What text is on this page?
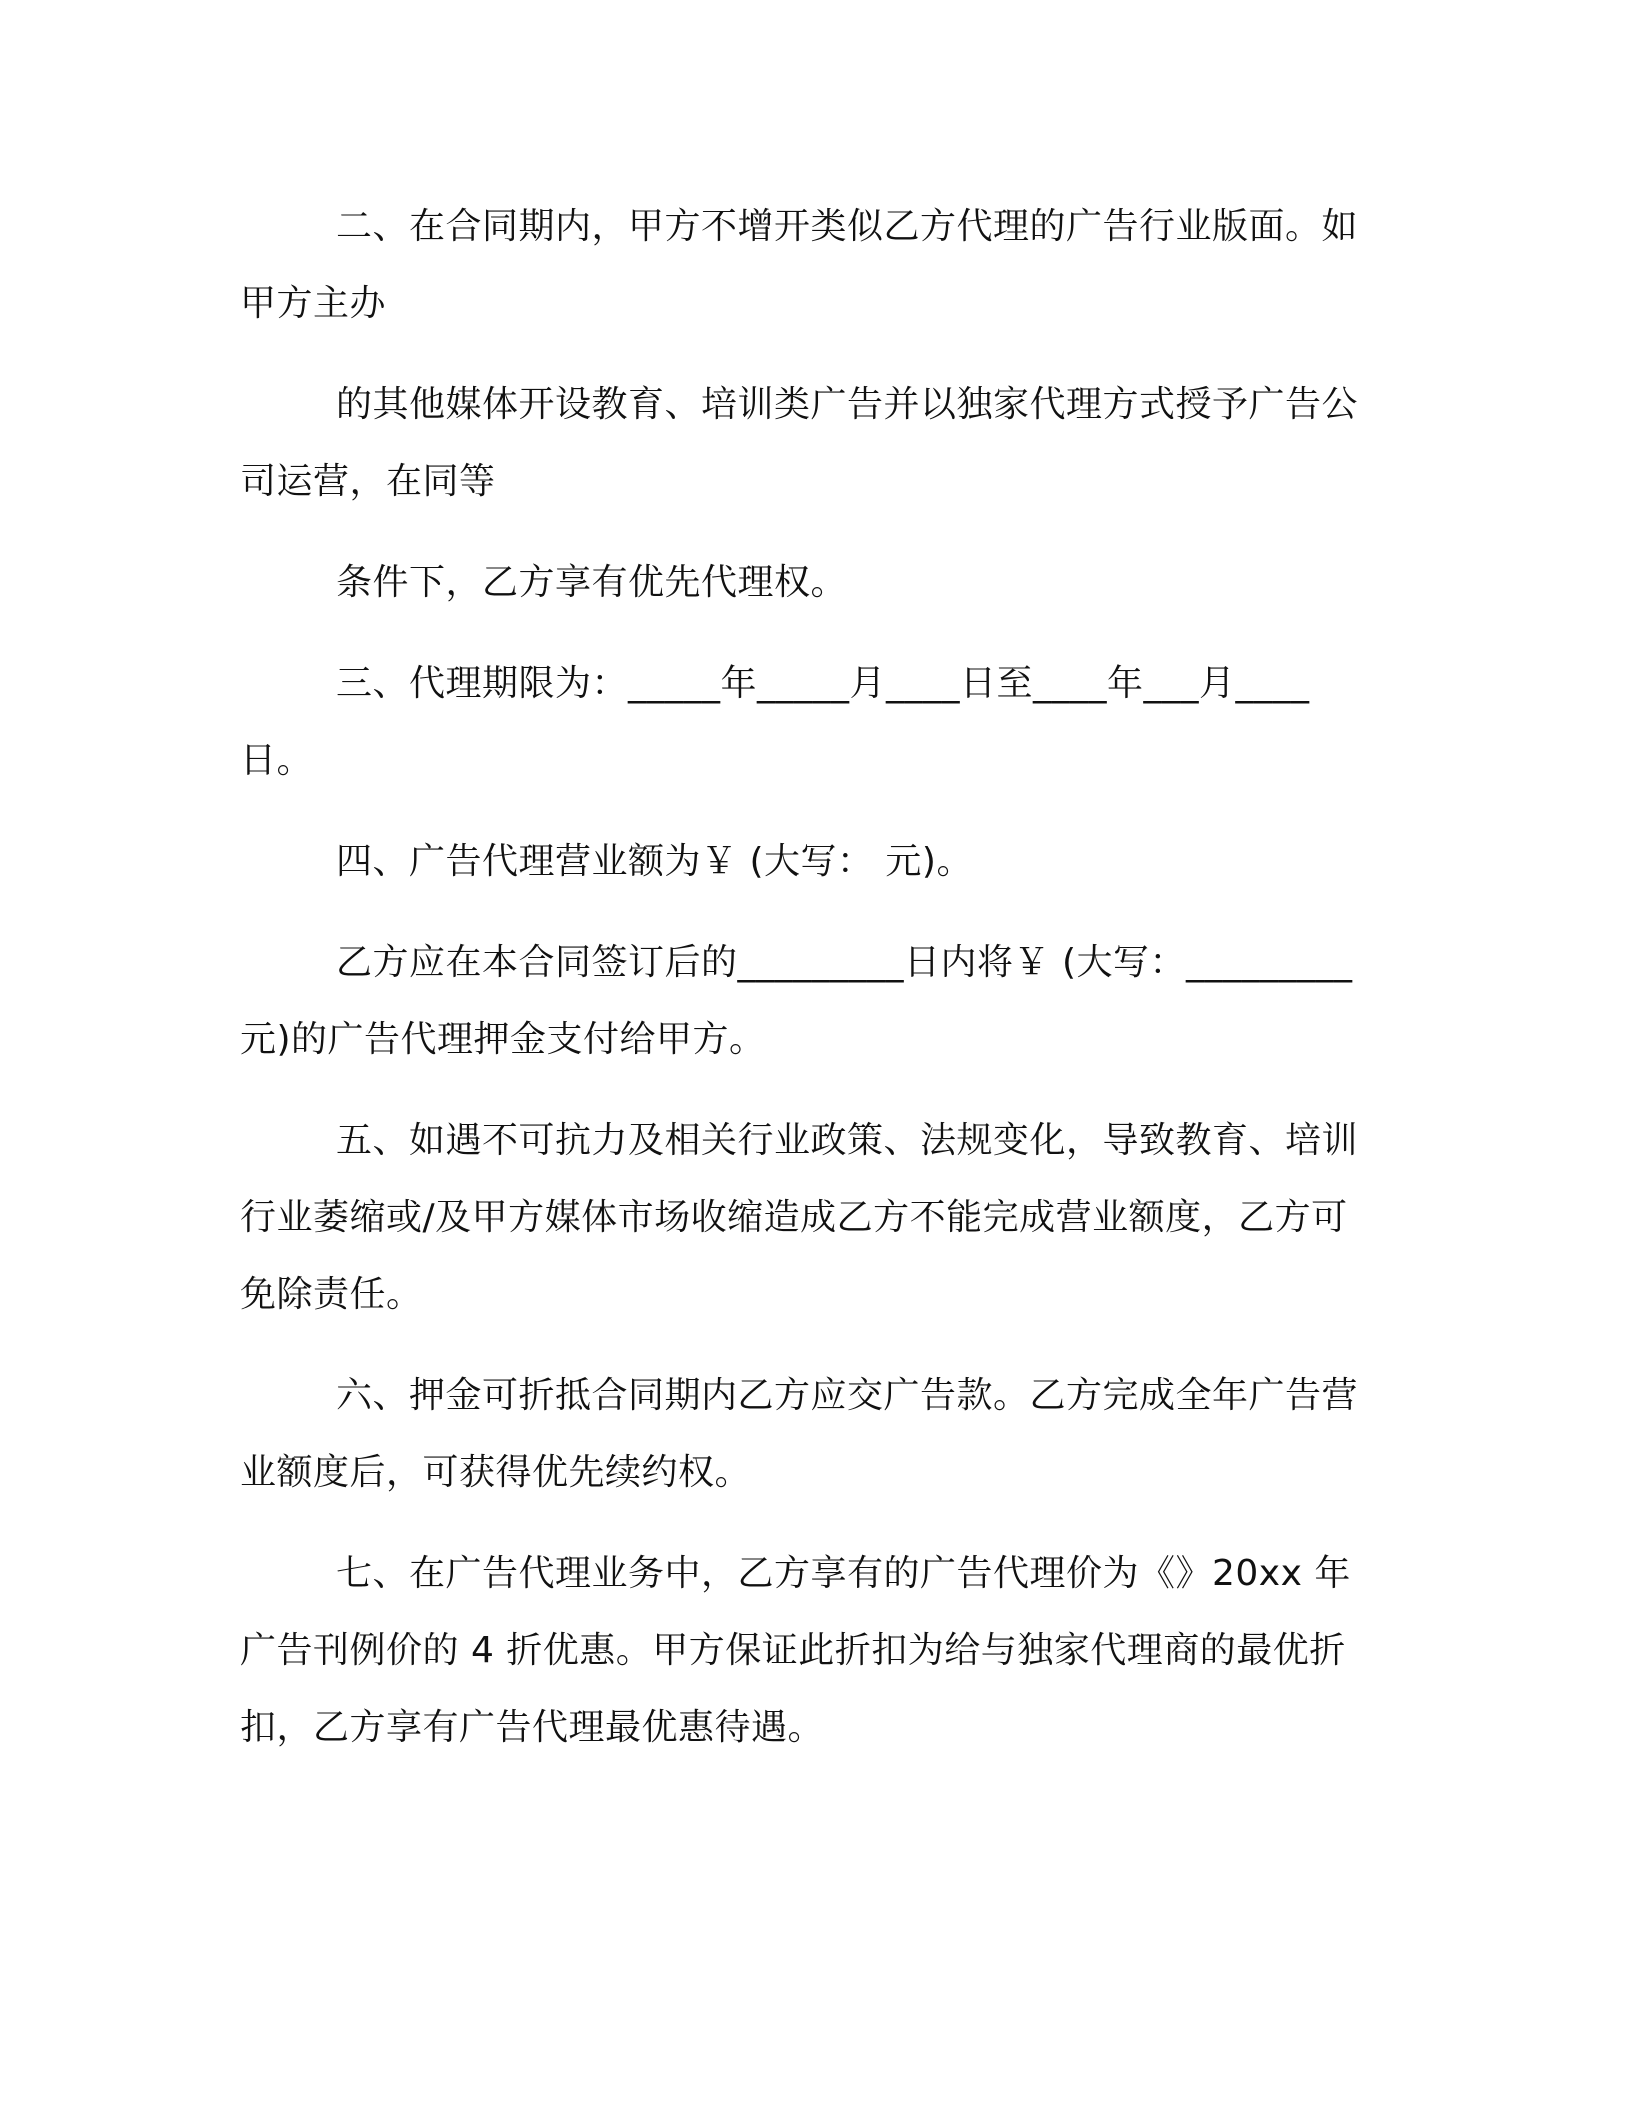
二、在合同期内，甲方不增开类似乙方代理的广告行业版面。如甲方主办

的其他媒体开设教育、培训类广告并以独家代理方式授予广告公司运营，在同等

条件下，乙方享有优先代理权。

三、代理期限为：_____年_____月____日至____年___月____日。

四、广告代理营业额为￥ (大写： 元)。

乙方应在本合同签订后的_________日内将￥ (大写：_________元)的广告代理押金支付给甲方。

五、如遇不可抗力及相关行业政策、法规变化，导致教育、培训行业萎缩或/及甲方媒体市场收缩造成乙方不能完成营业额度，乙方可免除责任。

六、押金可折抵合同期内乙方应交广告款。乙方完成全年广告营业额度后，可获得优先续约权。

七、在广告代理业务中，乙方享有的广告代理价为《》20xx 年广告刊例价的 4 折优惠。甲方保证此折扣为给与独家代理商的最优折扣，乙方享有广告代理最优惠待遇。
